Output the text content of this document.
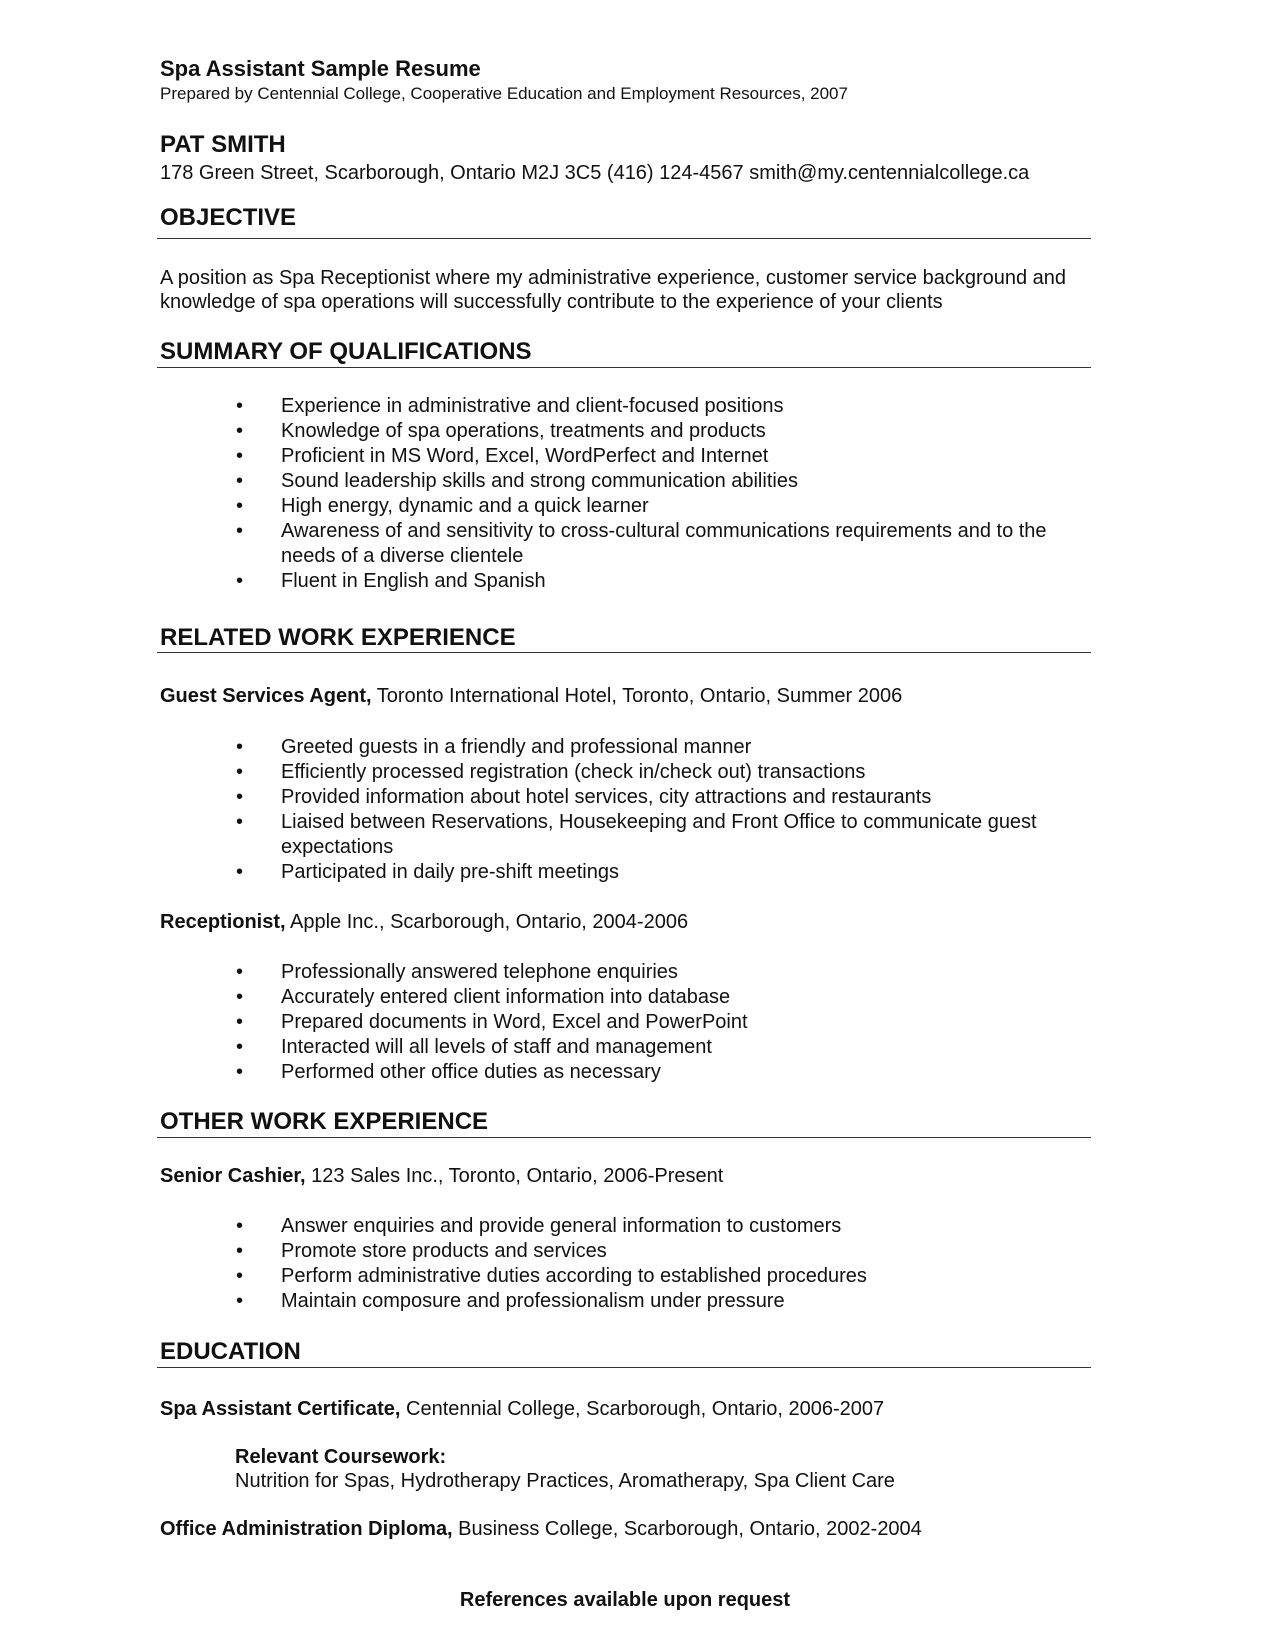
Spa Assistant Sample Resume
Prepared by Centennial College, Cooperative Education and Employment Resources, 2007
PAT SMITH
178 Green Street, Scarborough, Ontario M2J 3C5 (416) 124-4567 smith@my.centennialcollege.ca
OBJECTIVE
A position as Spa Receptionist where my administrative experience, customer service background and knowledge of spa operations will successfully contribute to the experience of your clients
SUMMARY OF QUALIFICATIONS
• Experience in administrative and client-focused positions
• Knowledge of spa operations, treatments and products
• Proficient in MS Word, Excel, WordPerfect and Internet
• Sound leadership skills and strong communication abilities
• High energy, dynamic and a quick learner
• Awareness of and sensitivity to cross-cultural communications requirements and to the needs of a diverse clientele
• Fluent in English and Spanish
RELATED WORK EXPERIENCE
Guest Services Agent, Toronto International Hotel, Toronto, Ontario, Summer 2006
• Greeted guests in a friendly and professional manner
• Efficiently processed registration (check in/check out) transactions
• Provided information about hotel services, city attractions and restaurants
• Liaised between Reservations, Housekeeping and Front Office to communicate guest expectations
• Participated in daily pre-shift meetings
Receptionist, Apple Inc., Scarborough, Ontario, 2004-2006
• Professionally answered telephone enquiries
• Accurately entered client information into database
• Prepared documents in Word, Excel and PowerPoint
• Interacted will all levels of staff and management
• Performed other office duties as necessary
OTHER WORK EXPERIENCE
Senior Cashier, 123 Sales Inc., Toronto, Ontario, 2006-Present
• Answer enquiries and provide general information to customers
• Promote store products and services
• Perform administrative duties according to established procedures
• Maintain composure and professionalism under pressure
EDUCATION
Spa Assistant Certificate, Centennial College, Scarborough, Ontario, 2006-2007
Relevant Coursework:
Nutrition for Spas, Hydrotherapy Practices, Aromatherapy, Spa Client Care
Office Administration Diploma, Business College, Scarborough, Ontario, 2002-2004
References available upon request
